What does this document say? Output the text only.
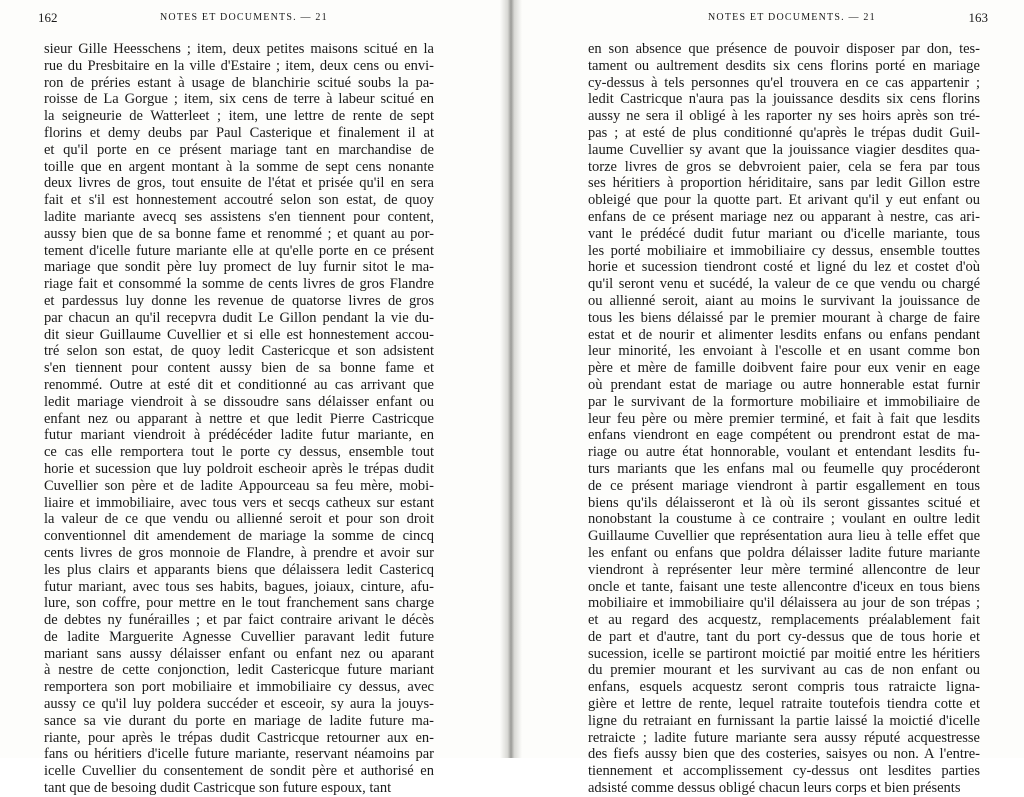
162	NOTES ET DOCUMENTS. — 21
sieur Gille Heesschens ; item, deux petites maisons scitué en la
rue du Presbitaire en la ville d'Estaire ; item, deux cens ou envi-
ron de préries estant à usage de blanchirie scitué soubs la pa-
roisse de La Gorgue ; item, six cens de terre à labeur scitué en
la seigneurie de Watterleet ; item, une lettre de rente de sept
florins et demy deubs par Paul Casterique et finalement il at
et qu'il porte en ce présent mariage tant en marchandise de
toille que en argent montant à la somme de sept cens nonante
deux livres de gros, tout ensuite de l'état et prisée qu'il en sera
fait et s'il est honnestement accoutré selon son estat, de quoy
ladite mariante avecq ses assistens s'en tiennent pour content,
aussy bien que de sa bonne fame et renommé ; et quant au por-
tement d'icelle future mariante elle at qu'elle porte en ce présent
mariage que sondit père luy promect de luy furnir sitot le ma-
riage fait et consommé la somme de cents livres de gros Flandre
et pardessus luy donne les revenue de quatorse livres de gros
par chacun an qu'il recepvra dudit Le Gillon pendant la vie du-
dit sieur Guillaume Cuvellier et si elle est honnestement accou-
tré selon son estat, de quoy ledit Castericque et son adsistent
s'en tiennent pour content aussy bien de sa bonne fame et
renommé. Outre at esté dit et conditionné au cas arrivant que
ledit mariage viendroit à se dissoudre sans délaisser enfant ou
enfant nez ou apparant à nettre et que ledit Pierre Castricque
futur mariant viendroit à prédécéder ladite futur mariante, en
ce cas elle remportera tout le porte cy dessus, ensemble tout
horie et sucession que luy poldroit escheoir après le trépas dudit
Cuvellier son père et de ladite Appourceau sa feu mère, mobi-
liaire et immobiliaire, avec tous vers et secqs catheux sur estant
la valeur de ce que vendu ou allienné seroit et pour son droit
conventionnel dit amendement de mariage la somme de cincq
cents livres de gros monnoie de Flandre, à prendre et avoir sur
les plus clairs et apparants biens que délaissera ledit Castericq
futur mariant, avec tous ses habits, bagues, joiaux, cinture, afu-
lure, son coffre, pour mettre en le tout franchement sans charge
de debtes ny funérailles ; et par faict contraire arivant le décès
de ladite Marguerite Agnesse Cuvellier paravant ledit future
mariant sans aussy délaisser enfant ou enfant nez ou aparant
à nestre de cette conjonction, ledit Castericque future mariant
remportera son port mobiliaire et immobiliaire cy dessus, avec
aussy ce qu'il luy poldera succéder et esceoir, sy aura la jouys-
sance sa vie durant du porte en mariage de ladite future ma-
riante, pour après le trépas dudit Castricque retourner aux en-
fans ou héritiers d'icelle future mariante, reservant néamoins par
icelle Cuvellier du consentement de sondit père et authorisé en
tant que de besoing dudit Castricque son future espoux, tant
NOTES ET DOCUMENTS. — 21	163
en son absence que présence de pouvoir disposer par don, tes-
tament ou aultrement desdits six cens florins porté en mariage
cy-dessus à tels personnes qu'el trouvera en ce cas appartenir ;
ledit Castricque n'aura pas la jouissance desdits six cens florins
aussy ne sera il obligé à les raporter ny ses hoirs après son tré-
pas ; at esté de plus conditionné qu'après le trépas dudit Guil-
laume Cuvellier sy avant que la jouissance viagier desdites qua-
torze livres de gros se debvroient paier, cela se fera par tous
ses héritiers à proportion hériditaire, sans par ledit Gillon estre
obleigé que pour la quotte part. Et arivant qu'il y eut enfant ou
enfans de ce présent mariage nez ou apparant à nestre, cas ari-
vant le prédécé dudit futur mariant ou d'icelle mariante, tous
les porté mobiliaire et immobiliaire cy dessus, ensemble touttes
horie et sucession tiendront costé et ligné du lez et costet d'où
qu'il seront venu et sucédé, la valeur de ce que vendu ou chargé
ou allienné seroit, aiant au moins le survivant la jouissance de
tous les biens délaissé par le premier mourant à charge de faire
estat et de nourir et alimenter lesdits enfans ou enfans pendant
leur minorité, les envoiant à l'escolle et en usant comme bon
père et mère de famille doibvent faire pour eux venir en eage
où prendant estat de mariage ou autre honnerable estat furnir
par le survivant de la formorture mobiliaire et immobiliaire de
leur feu père ou mère premier terminé, et fait à fait que lesdits
enfans viendront en eage compétent ou prendront estat de ma-
riage ou autre état honnorable, voulant et entendant lesdits fu-
turs mariants que les enfans mal ou feumelle quy procéderont
de ce présent mariage viendront à partir esgallement en tous
biens qu'ils délaisseront et là où ils seront gissantes scitué et
nonobstant la coustume à ce contraire ; voulant en oultre ledit
Guillaume Cuvellier que représentation aura lieu à telle effet que
les enfant ou enfans que poldra délaisser ladite future mariante
viendront à représenter leur mère terminé allencontre de leur
oncle et tante, faisant une teste allencontre d'iceux en tous biens
mobiliaire et immobiliaire qu'il délaissera au jour de son trépas ;
et au regard des acquestz, remplacements préalablement fait
de part et d'autre, tant du port cy-dessus que de tous horie et
sucession, icelle se partiront moictié par moitié entre les héritiers
du premier mourant et les survivant au cas de non enfant ou
enfans, esquels acquestz seront compris tous ratraicte ligna-
gière et lettre de rente, lequel ratraite toutefois tiendra cotte et
ligne du retraiant en furnissant la partie laissé la moictié d'icelle
retraicte ; ladite future mariante sera aussy réputé acquestresse
des fiefs aussy bien que des costeries, saisyes ou non. A l'entre-
tiennement et accomplissement cy-dessus ont lesdites parties
adsisté comme dessus obligé chacun leurs corps et bien présents
